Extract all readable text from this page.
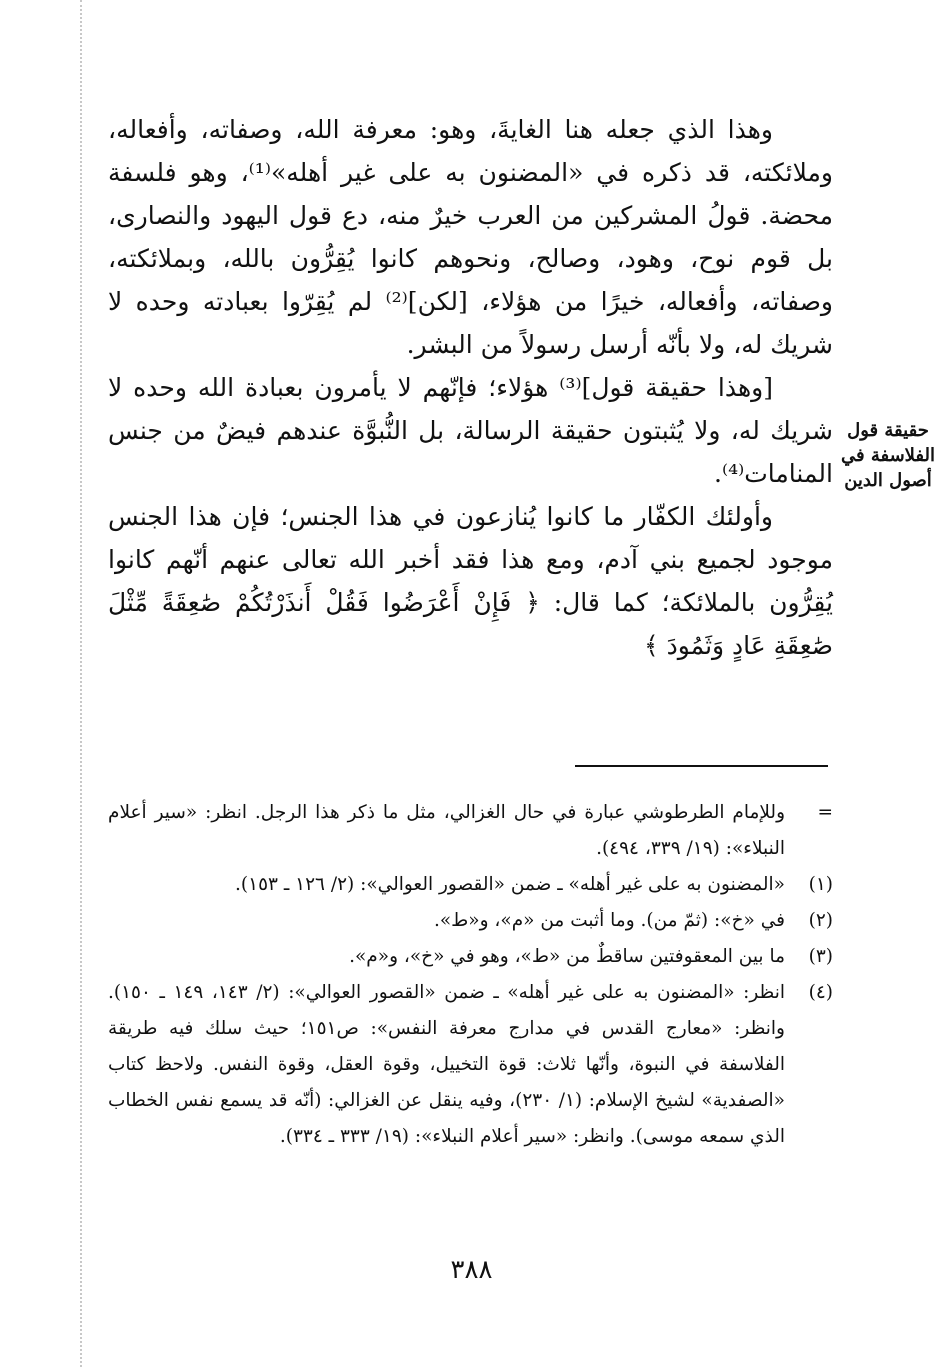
حقيقة قول الفلاسفة في أصول الدين

وهذا الذي جعله هنا الغايةَ، وهو: معرفة الله، وصفاته، وأفعاله، وملائكته، قد ذكره في «المضنون به على غير أهله»⁽¹⁾، وهو فلسفة محضة. قولُ المشركين من العرب خيرٌ منه، دع قول اليهود والنصارى، بل قوم نوح، وهود، وصالح، ونحوهم كانوا يُقِرُّون بالله، وبملائكته، وصفاته، وأفعاله، خيرًا من هؤلاء، [لكن]⁽²⁾ لم يُقِرّوا بعبادته وحده لا شريك له، ولا بأنّه أرسل رسولاً من البشر.

[وهذا حقيقة قول]⁽³⁾ هؤلاء؛ فإنّهم لا يأمرون بعبادة الله وحده لا شريك له، ولا يُثبتون حقيقة الرسالة، بل النُّبوَّة عندهم فيضٌ من جنس المنامات⁽⁴⁾.

وأولئك الكفّار ما كانوا يُنازعون في هذا الجنس؛ فإن هذا الجنس موجود لجميع بني آدم، ومع هذا فقد أخبر الله تعالى عنهم أنّهم كانوا يُقِرُّون بالملائكة؛ كما قال: ﴿ فَإِنْ أَعْرَضُوا فَقُلْ أَنذَرْتُكُمْ صَٰعِقَةً مِّثْلَ صَٰعِقَةِ عَادٍ وَثَمُودَ ﴾

=
وللإمام الطرطوشي عبارة في حال الغزالي، مثل ما ذكر هذا الرجل. انظر: «سير أعلام النبلاء»: (١٩/ ٣٣٩، ٤٩٤).
(١)
«المضنون به على غير أهله» ـ ضمن «القصور العوالي»: (٢/ ١٢٦ ـ ١٥٣).
(٢)
في «خ»: (ثمّ من). وما أثبت من «م»، و«ط».
(٣)
ما بين المعقوفتين ساقطٌ من «ط»، وهو في «خ»، و«م».
(٤)
انظر: «المضنون به على غير أهله» ـ ضمن «القصور العوالي»: (٢/ ١٤٣، ١٤٩ ـ ١٥٠). وانظر: «معارج القدس في مدارج معرفة النفس»: ص١٥١؛ حيث سلك فيه طريقة الفلاسفة في النبوة، وأنّها ثلاث: قوة التخييل، وقوة العقل، وقوة النفس. ولاحظ كتاب «الصفدية» لشيخ الإسلام: (١/ ٢٣٠)، وفيه ينقل عن الغزالي: (أنّه قد يسمع نفس الخطاب الذي سمعه موسى). وانظر: «سير أعلام النبلاء»: (١٩/ ٣٣٣ ـ ٣٣٤).
٣٨٨
